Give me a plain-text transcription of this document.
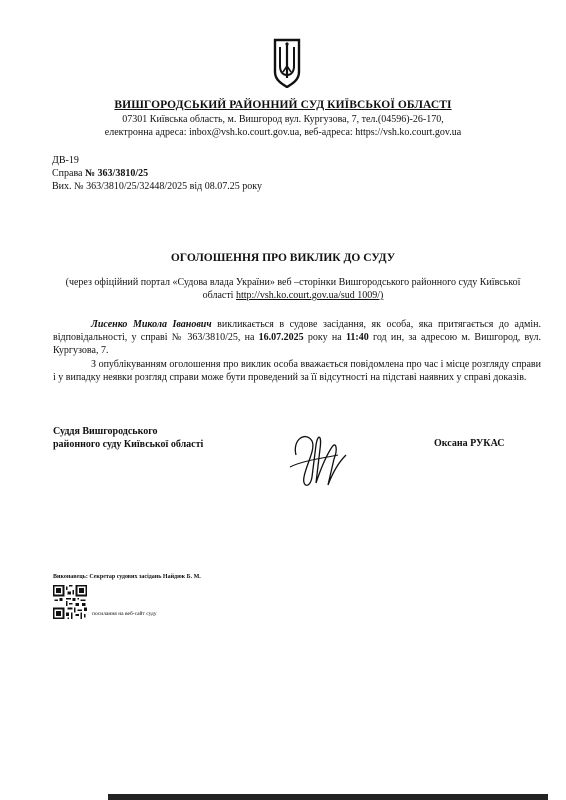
ВИШГОРОДСЬКИЙ РАЙОННИЙ СУД КИЇВСЬКОЇ ОБЛАСТІ
07301 Київська область, м. Вишгород вул. Кургузова, 7, тел.(04596)-26-170,
електронна адреса: inbox@vsh.ko.court.gov.ua, веб-адреса: https://vsh.ko.court.gov.ua
ДВ-19
Справа № 363/3810/25
Вих. № 363/3810/25/32448/2025 від 08.07.25 року
ОГОЛОШЕННЯ ПРО ВИКЛИК ДО СУДУ
(через офіційний портал «Судова влада України» веб –сторінки Вишгородського районного суду Київської області http://vsh.ko.court.gov.ua/sud 1009/)
Лисенко Микола Іванович викликається в судове засідання, як особа, яка притягається до адмін. відповідальності, у справі № 363/3810/25, на 16.07.2025 року на 11:40 год ин, за адресою м. Вишгород, вул. Кургузова, 7.
З опублікуванням оголошення про виклик особа вважається повідомлена про час і місце розгляду справи і у випадку неявки розгляд справи може бути проведений за її відсутності на підставі наявних у справі доказів.
Суддя Вишгородського
районного суду Київської області	Оксана РУКАС
Виконавець: Секретар судових засідань Найдюк Б. М.
посилання на веб-сайт суду
